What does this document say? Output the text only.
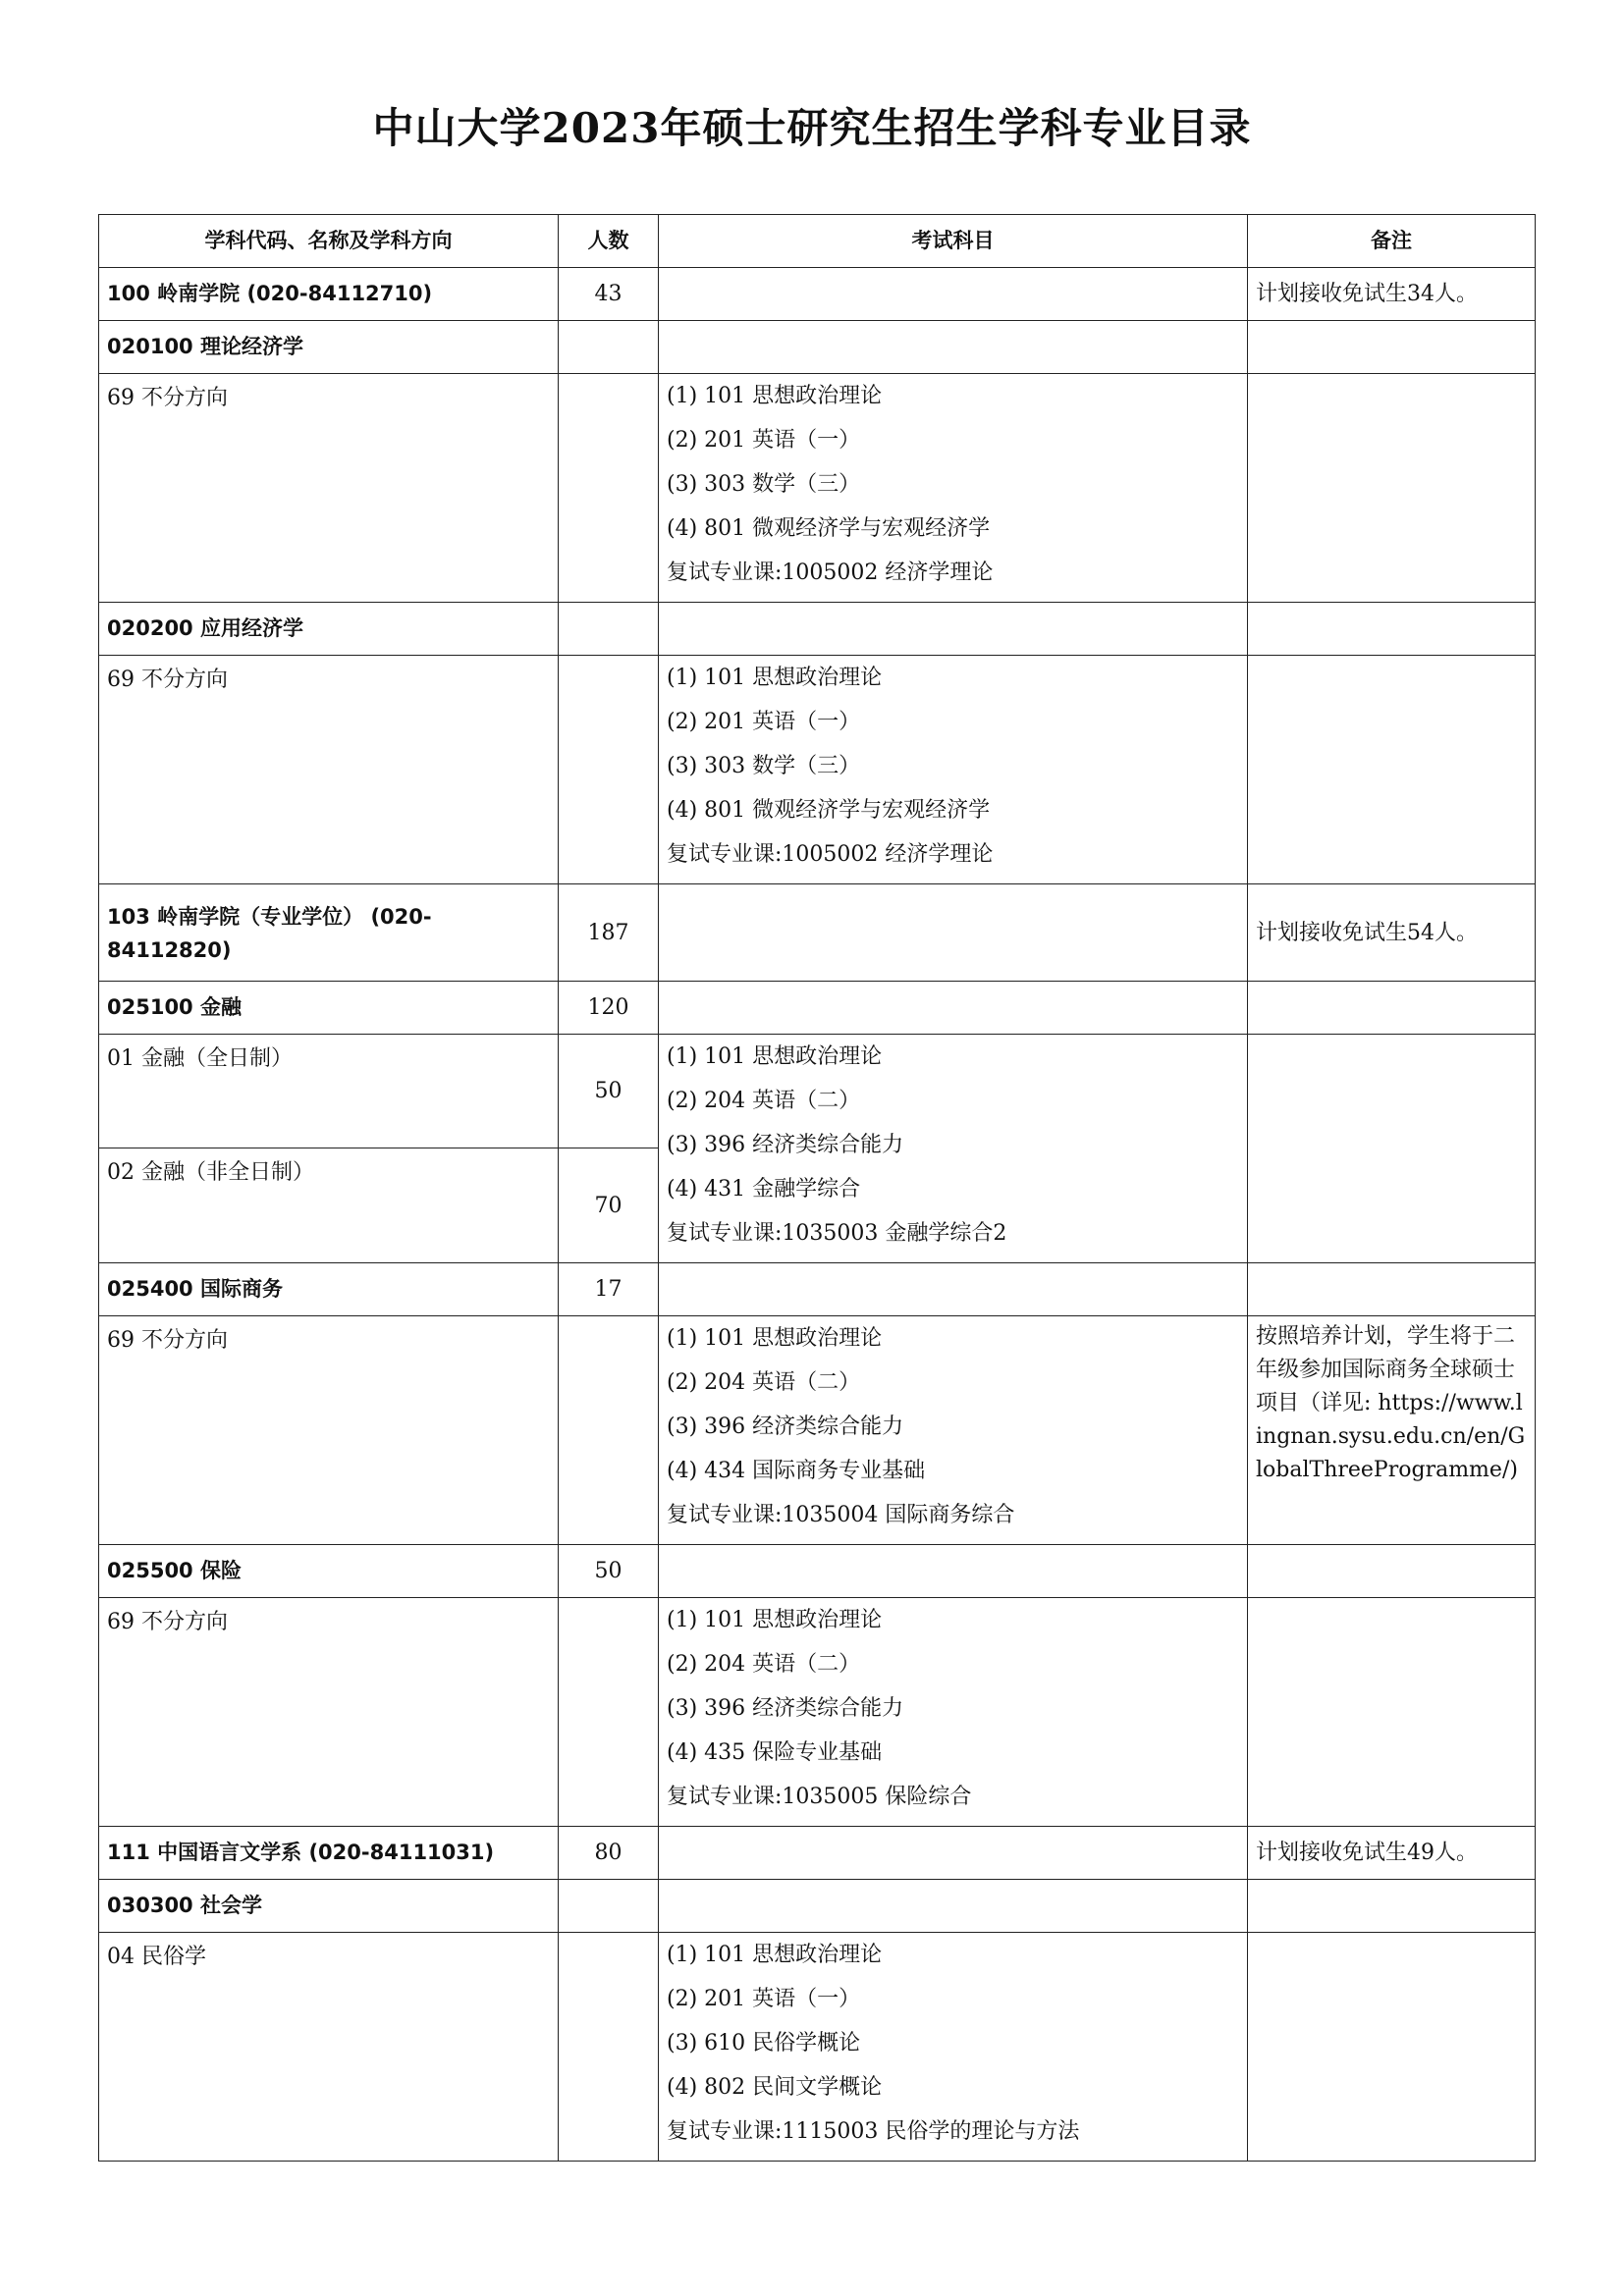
中山大学2023年硕士研究生招生学科专业目录
学科代码、名称及学科方向	人数	考试科目	备注
100 岭南学院 (020-84112710)	43		计划接收免试生34人。
020100 理论经济学			
69 不分方向		(1) 101 思想政治理论
(2) 201 英语（一）
(3) 303 数学（三）
(4) 801 微观经济学与宏观经济学
复试专业课:1005002 经济学理论	

020200 应用经济学			
69 不分方向		(1) 101 思想政治理论
(2) 201 英语（一）
(3) 303 数学（三）
(4) 801 微观经济学与宏观经济学
复试专业课:1005002 经济学理论	

103 岭南学院（专业学位） (020-84112820)	187		计划接收免试生54人。
025100 金融	120		
01 金融（全日制）	50	(1) 101 思想政治理论
(2) 204 英语（二）
(3) 396 经济类综合能力
(4) 431 金融学综合
复试专业课:1035003 金融学综合2	

02 金融（非全日制）	70		
025400 国际商务	17		
69 不分方向		(1) 101 思想政治理论
(2) 204 英语（二）
(3) 396 经济类综合能力
(4) 434 国际商务专业基础
复试专业课:1035004 国际商务综合	按照培养计划，学生将于二年级参加国际商务全球硕士项目（详见: https://www.lingnan.sysu.edu.cn/en/GlobalThreeProgramme/)
025500 保险	50		
69 不分方向		(1) 101 思想政治理论
(2) 204 英语（二）
(3) 396 经济类综合能力
(4) 435 保险专业基础
复试专业课:1035005 保险综合	

111 中国语言文学系 (020-84111031)	80		计划接收免试生49人。
030300 社会学			
04 民俗学		(1) 101 思想政治理论
(2) 201 英语（一）
(3) 610 民俗学概论
(4) 802 民间文学概论
复试专业课:1115003 民俗学的理论与方法	
